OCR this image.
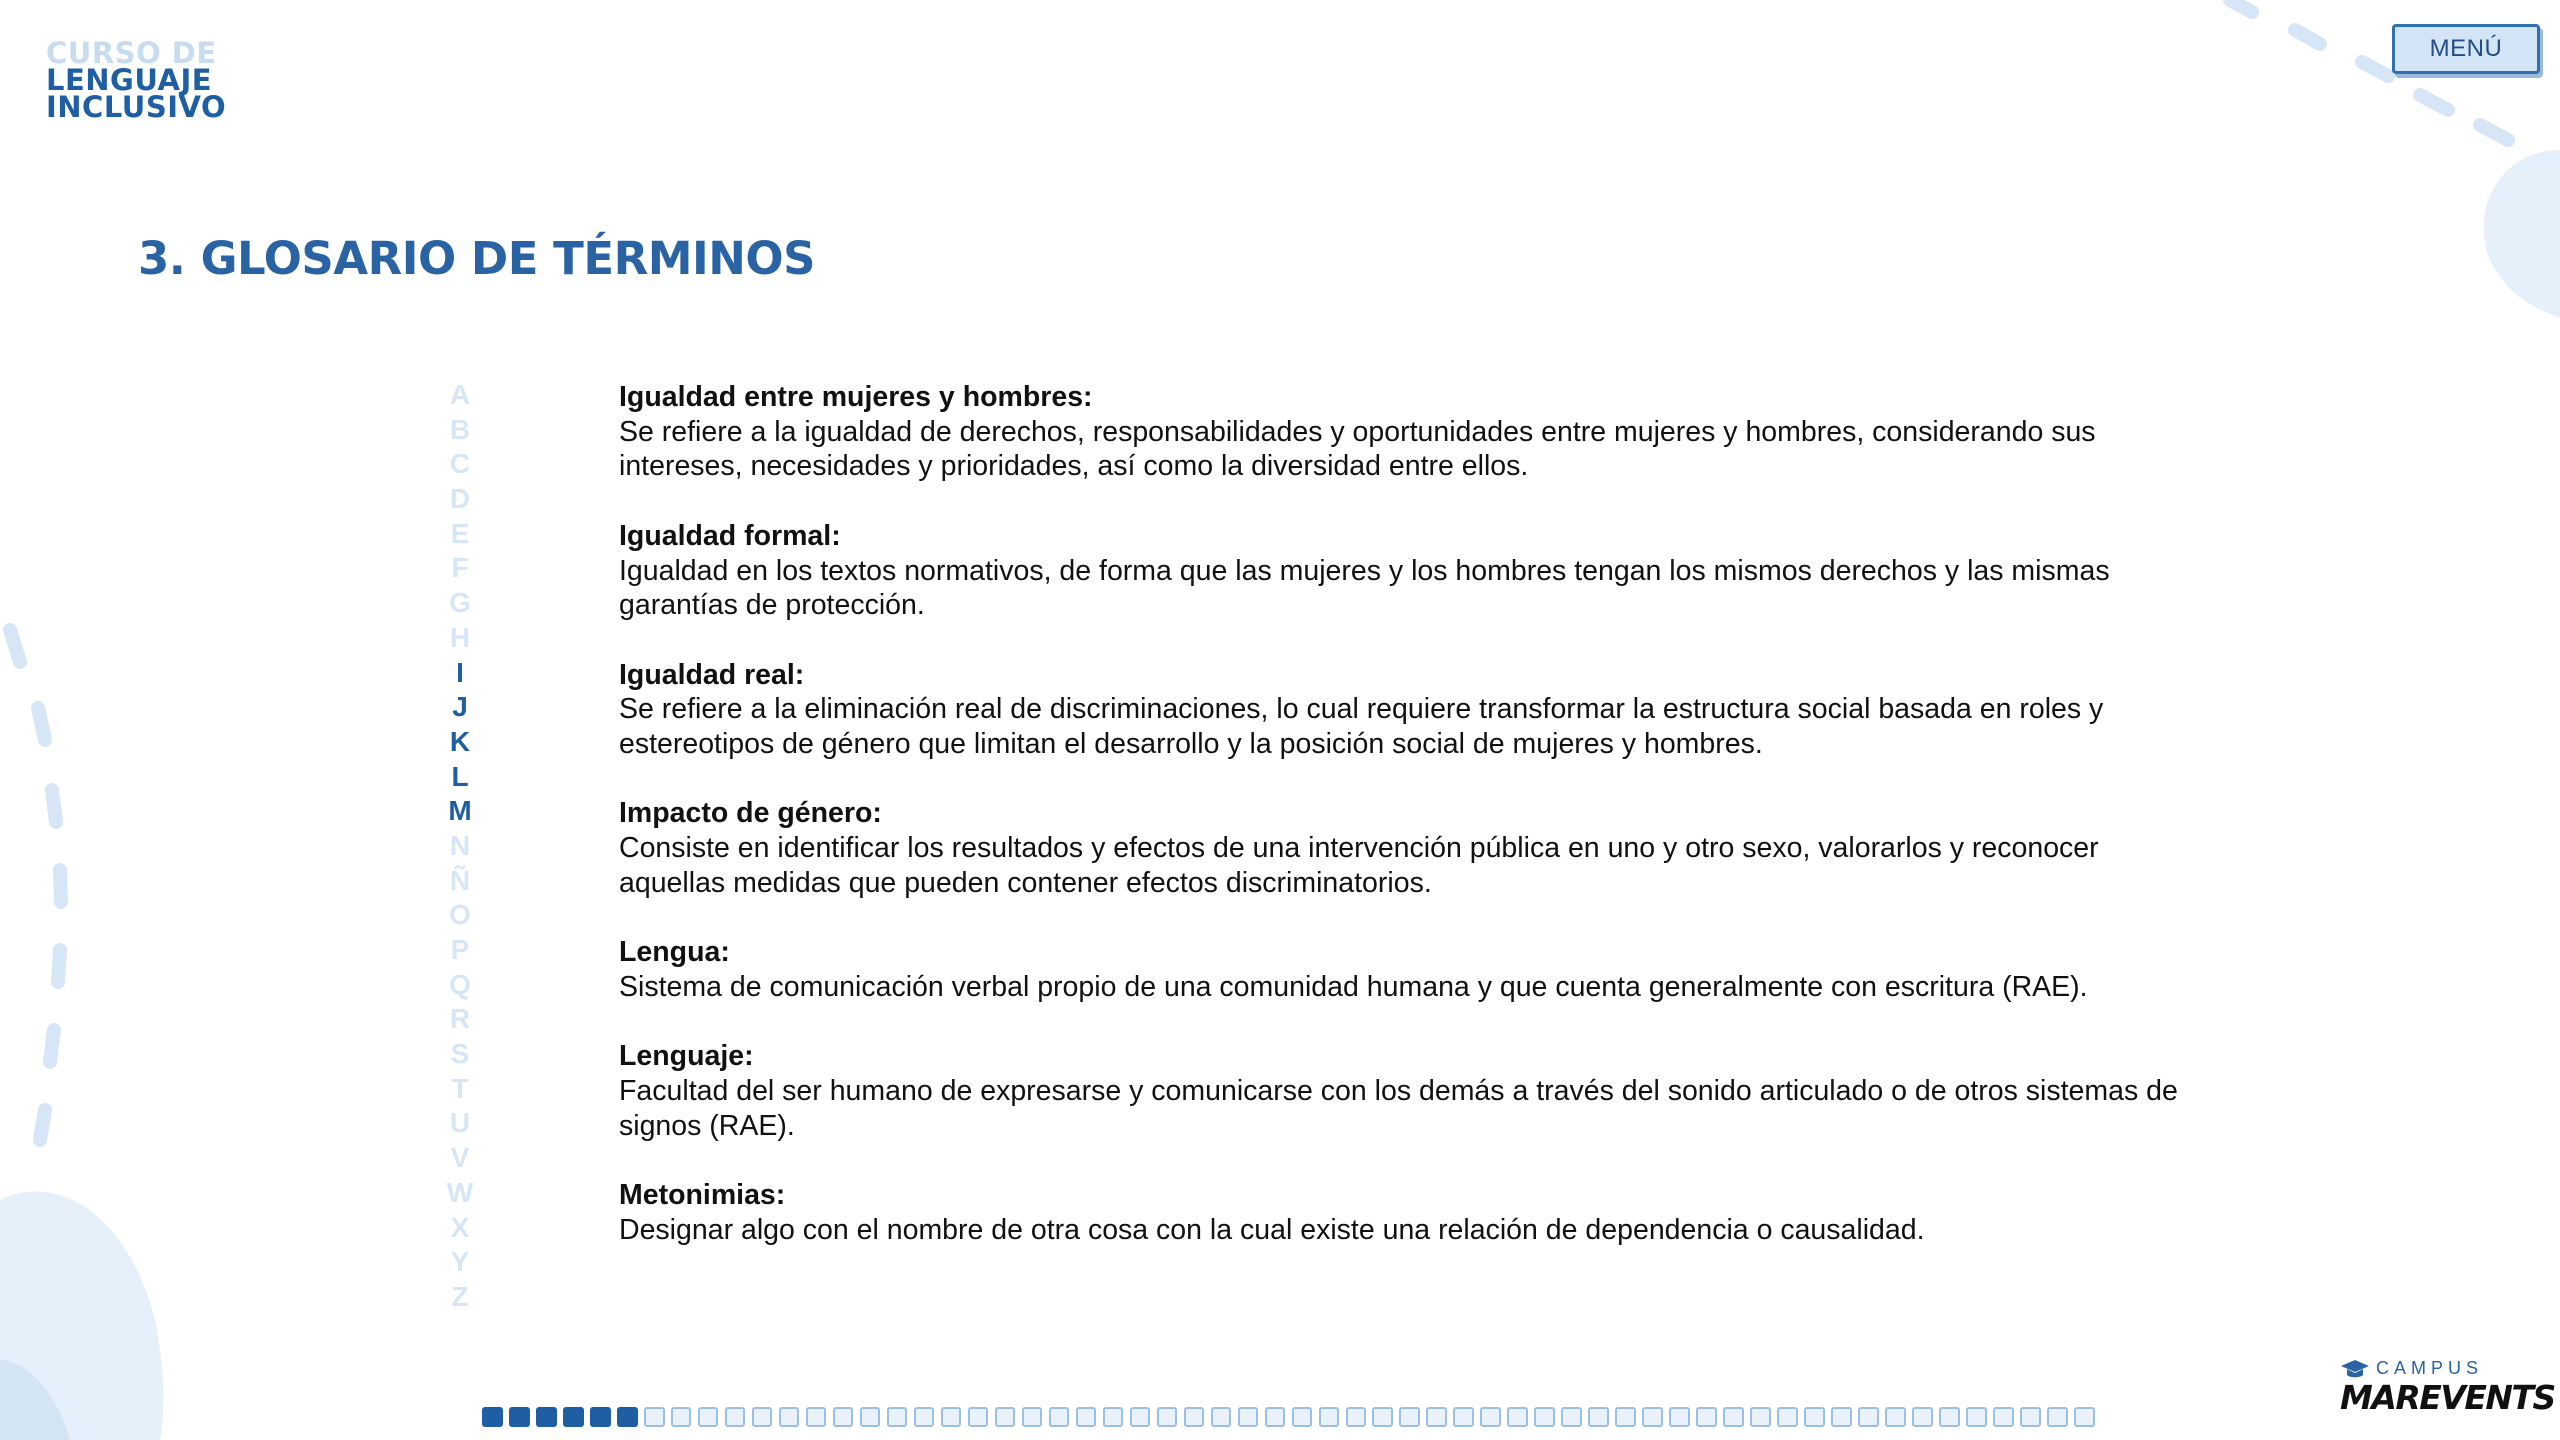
CURSO DE
LENGUAJE
INCLUSIVO
MENÚ
3. GLOSARIO DE TÉRMINOS
A
B
C
D
E
F
G
H
I
J
K
L
M
N
Ñ
O
P
Q
R
S
T
U
V
W
X
Y
Z
Igualdad entre mujeres y hombres:
Se refiere a la igualdad de derechos, responsabilidades y oportunidades entre mujeres y hombres, considerando sus intereses, necesidades y prioridades, así como la diversidad entre ellos.
Igualdad formal:
Igualdad en los textos normativos, de forma que las mujeres y los hombres tengan los mismos derechos y las mismas garantías de protección.
Igualdad real:
Se refiere a la eliminación real de discriminaciones, lo cual requiere transformar la estructura social basada en roles y estereotipos de género que limitan el desarrollo y la posición social de mujeres y hombres.
Impacto de género:
Consiste en identificar los resultados y efectos de una intervención pública en uno y otro sexo, valorarlos y reconocer aquellas medidas que pueden contener efectos discriminatorios.
Lengua:
Sistema de comunicación verbal propio de una comunidad humana y que cuenta generalmente con escritura (RAE).
Lenguaje:
Facultad del ser humano de expresarse y comunicarse con los demás a través del sonido articulado o de otros sistemas de signos (RAE).
Metonimias:
Designar algo con el nombre de otra cosa con la cual existe una relación de dependencia o causalidad.
CAMPUS
MAREVENTS
